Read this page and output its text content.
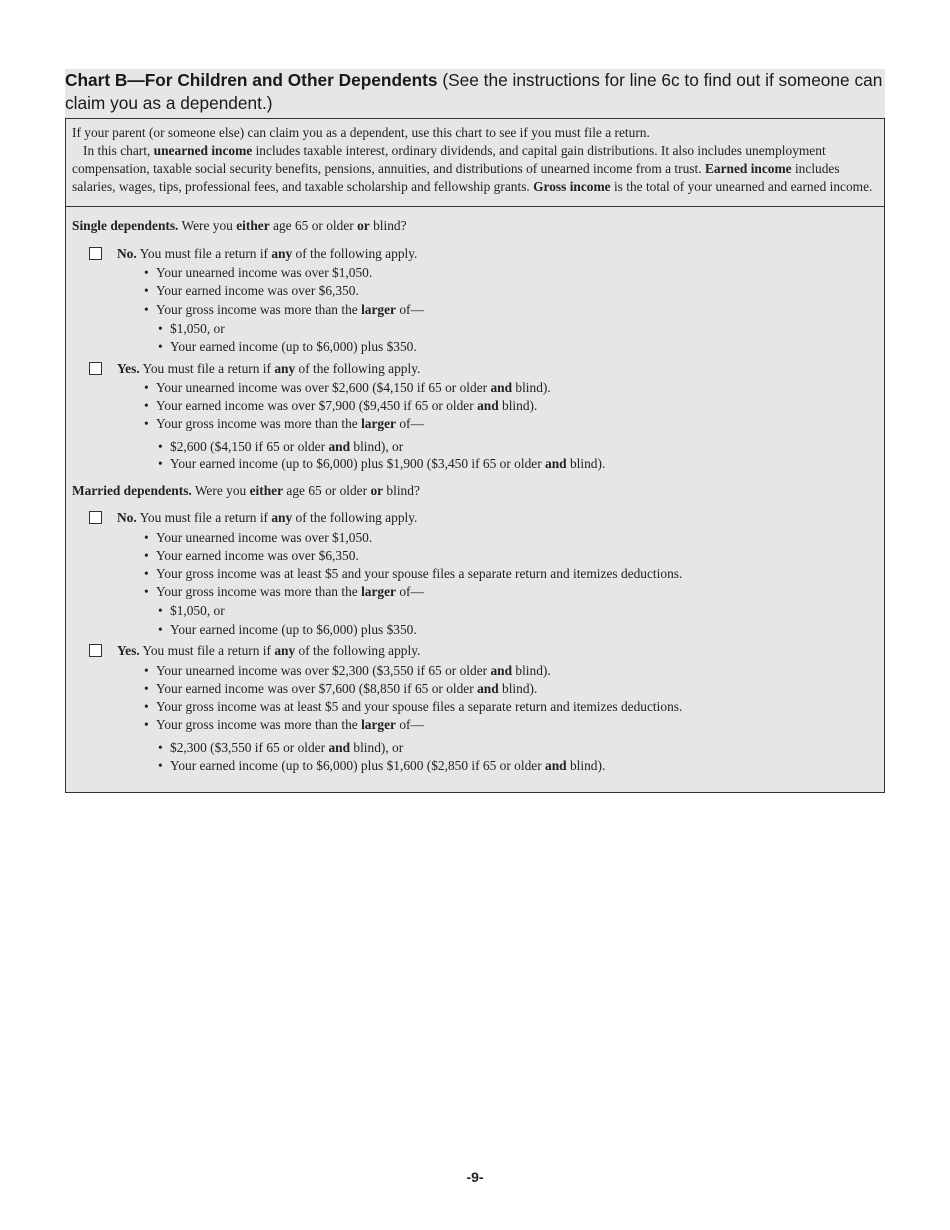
Chart B—For Children and Other Dependents (See the instructions for line 6c to find out if someone can claim you as a dependent.)
If your parent (or someone else) can claim you as a dependent, use this chart to see if you must file a return.
In this chart, unearned income includes taxable interest, ordinary dividends, and capital gain distributions. It also includes unemployment compensation, taxable social security benefits, pensions, annuities, and distributions of unearned income from a trust. Earned income includes salaries, wages, tips, professional fees, and taxable scholarship and fellowship grants. Gross income is the total of your unearned and earned income.
Single dependents. Were you either age 65 or older or blind?
No. You must file a return if any of the following apply.
• Your unearned income was over $1,050.
• Your earned income was over $6,350.
• Your gross income was more than the larger of—
• $1,050, or
• Your earned income (up to $6,000) plus $350.
Yes. You must file a return if any of the following apply.
• Your unearned income was over $2,600 ($4,150 if 65 or older and blind).
• Your earned income was over $7,900 ($9,450 if 65 or older and blind).
• Your gross income was more than the larger of—
• $2,600 ($4,150 if 65 or older and blind), or
• Your earned income (up to $6,000) plus $1,900 ($3,450 if 65 or older and blind).
Married dependents. Were you either age 65 or older or blind?
No. You must file a return if any of the following apply.
• Your unearned income was over $1,050.
• Your earned income was over $6,350.
• Your gross income was at least $5 and your spouse files a separate return and itemizes deductions.
• Your gross income was more than the larger of—
• $1,050, or
• Your earned income (up to $6,000) plus $350.
Yes. You must file a return if any of the following apply.
• Your unearned income was over $2,300 ($3,550 if 65 or older and blind).
• Your earned income was over $7,600 ($8,850 if 65 or older and blind).
• Your gross income was at least $5 and your spouse files a separate return and itemizes deductions.
• Your gross income was more than the larger of—
• $2,300 ($3,550 if 65 or older and blind), or
• Your earned income (up to $6,000) plus $1,600 ($2,850 if 65 or older and blind).
-9-
